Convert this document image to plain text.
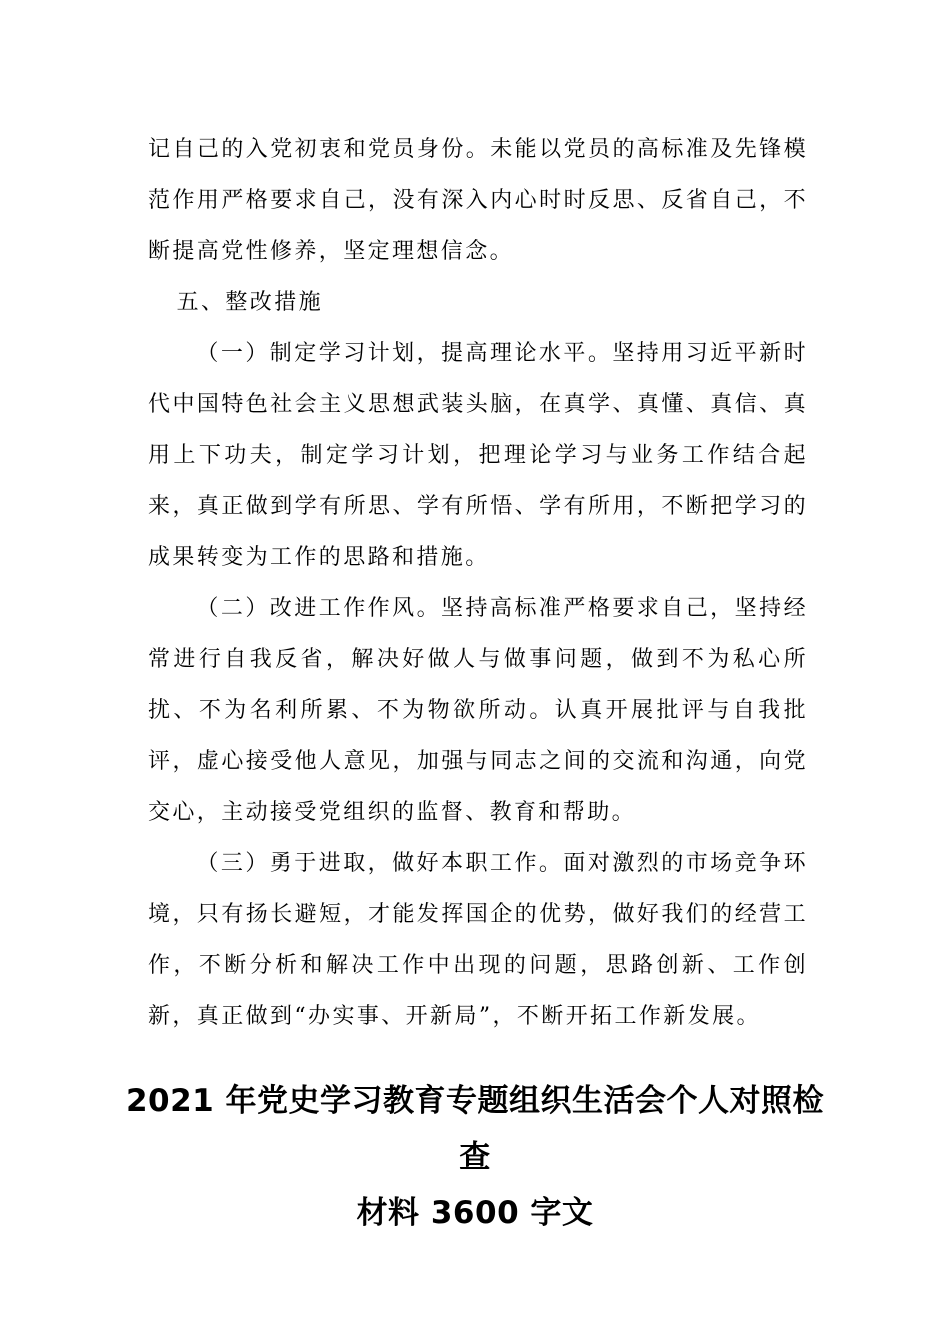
记自己的入党初衷和党员身份。未能以党员的高标准及先锋模范作用严格要求自己，没有深入内心时时反思、反省自己，不断提高党性修养，坚定理想信念。

五、整改措施

（一）制定学习计划，提高理论水平。坚持用习近平新时代中国特色社会主义思想武装头脑，在真学、真懂、真信、真用上下功夫，制定学习计划，把理论学习与业务工作结合起来，真正做到学有所思、学有所悟、学有所用，不断把学习的成果转变为工作的思路和措施。

（二）改进工作作风。坚持高标准严格要求自己，坚持经常进行自我反省，解决好做人与做事问题，做到不为私心所扰、不为名利所累、不为物欲所动。认真开展批评与自我批评，虚心接受他人意见，加强与同志之间的交流和沟通，向党交心，主动接受党组织的监督、教育和帮助。

（三）勇于进取，做好本职工作。面对激烈的市场竞争环境，只有扬长避短，才能发挥国企的优势，做好我们的经营工作，不断分析和解决工作中出现的问题，思路创新、工作创新，真正做到“办实事、开新局”，不断开拓工作新发展。

2021 年党史学习教育专题组织生活会个人对照检查
材料 3600 字文
